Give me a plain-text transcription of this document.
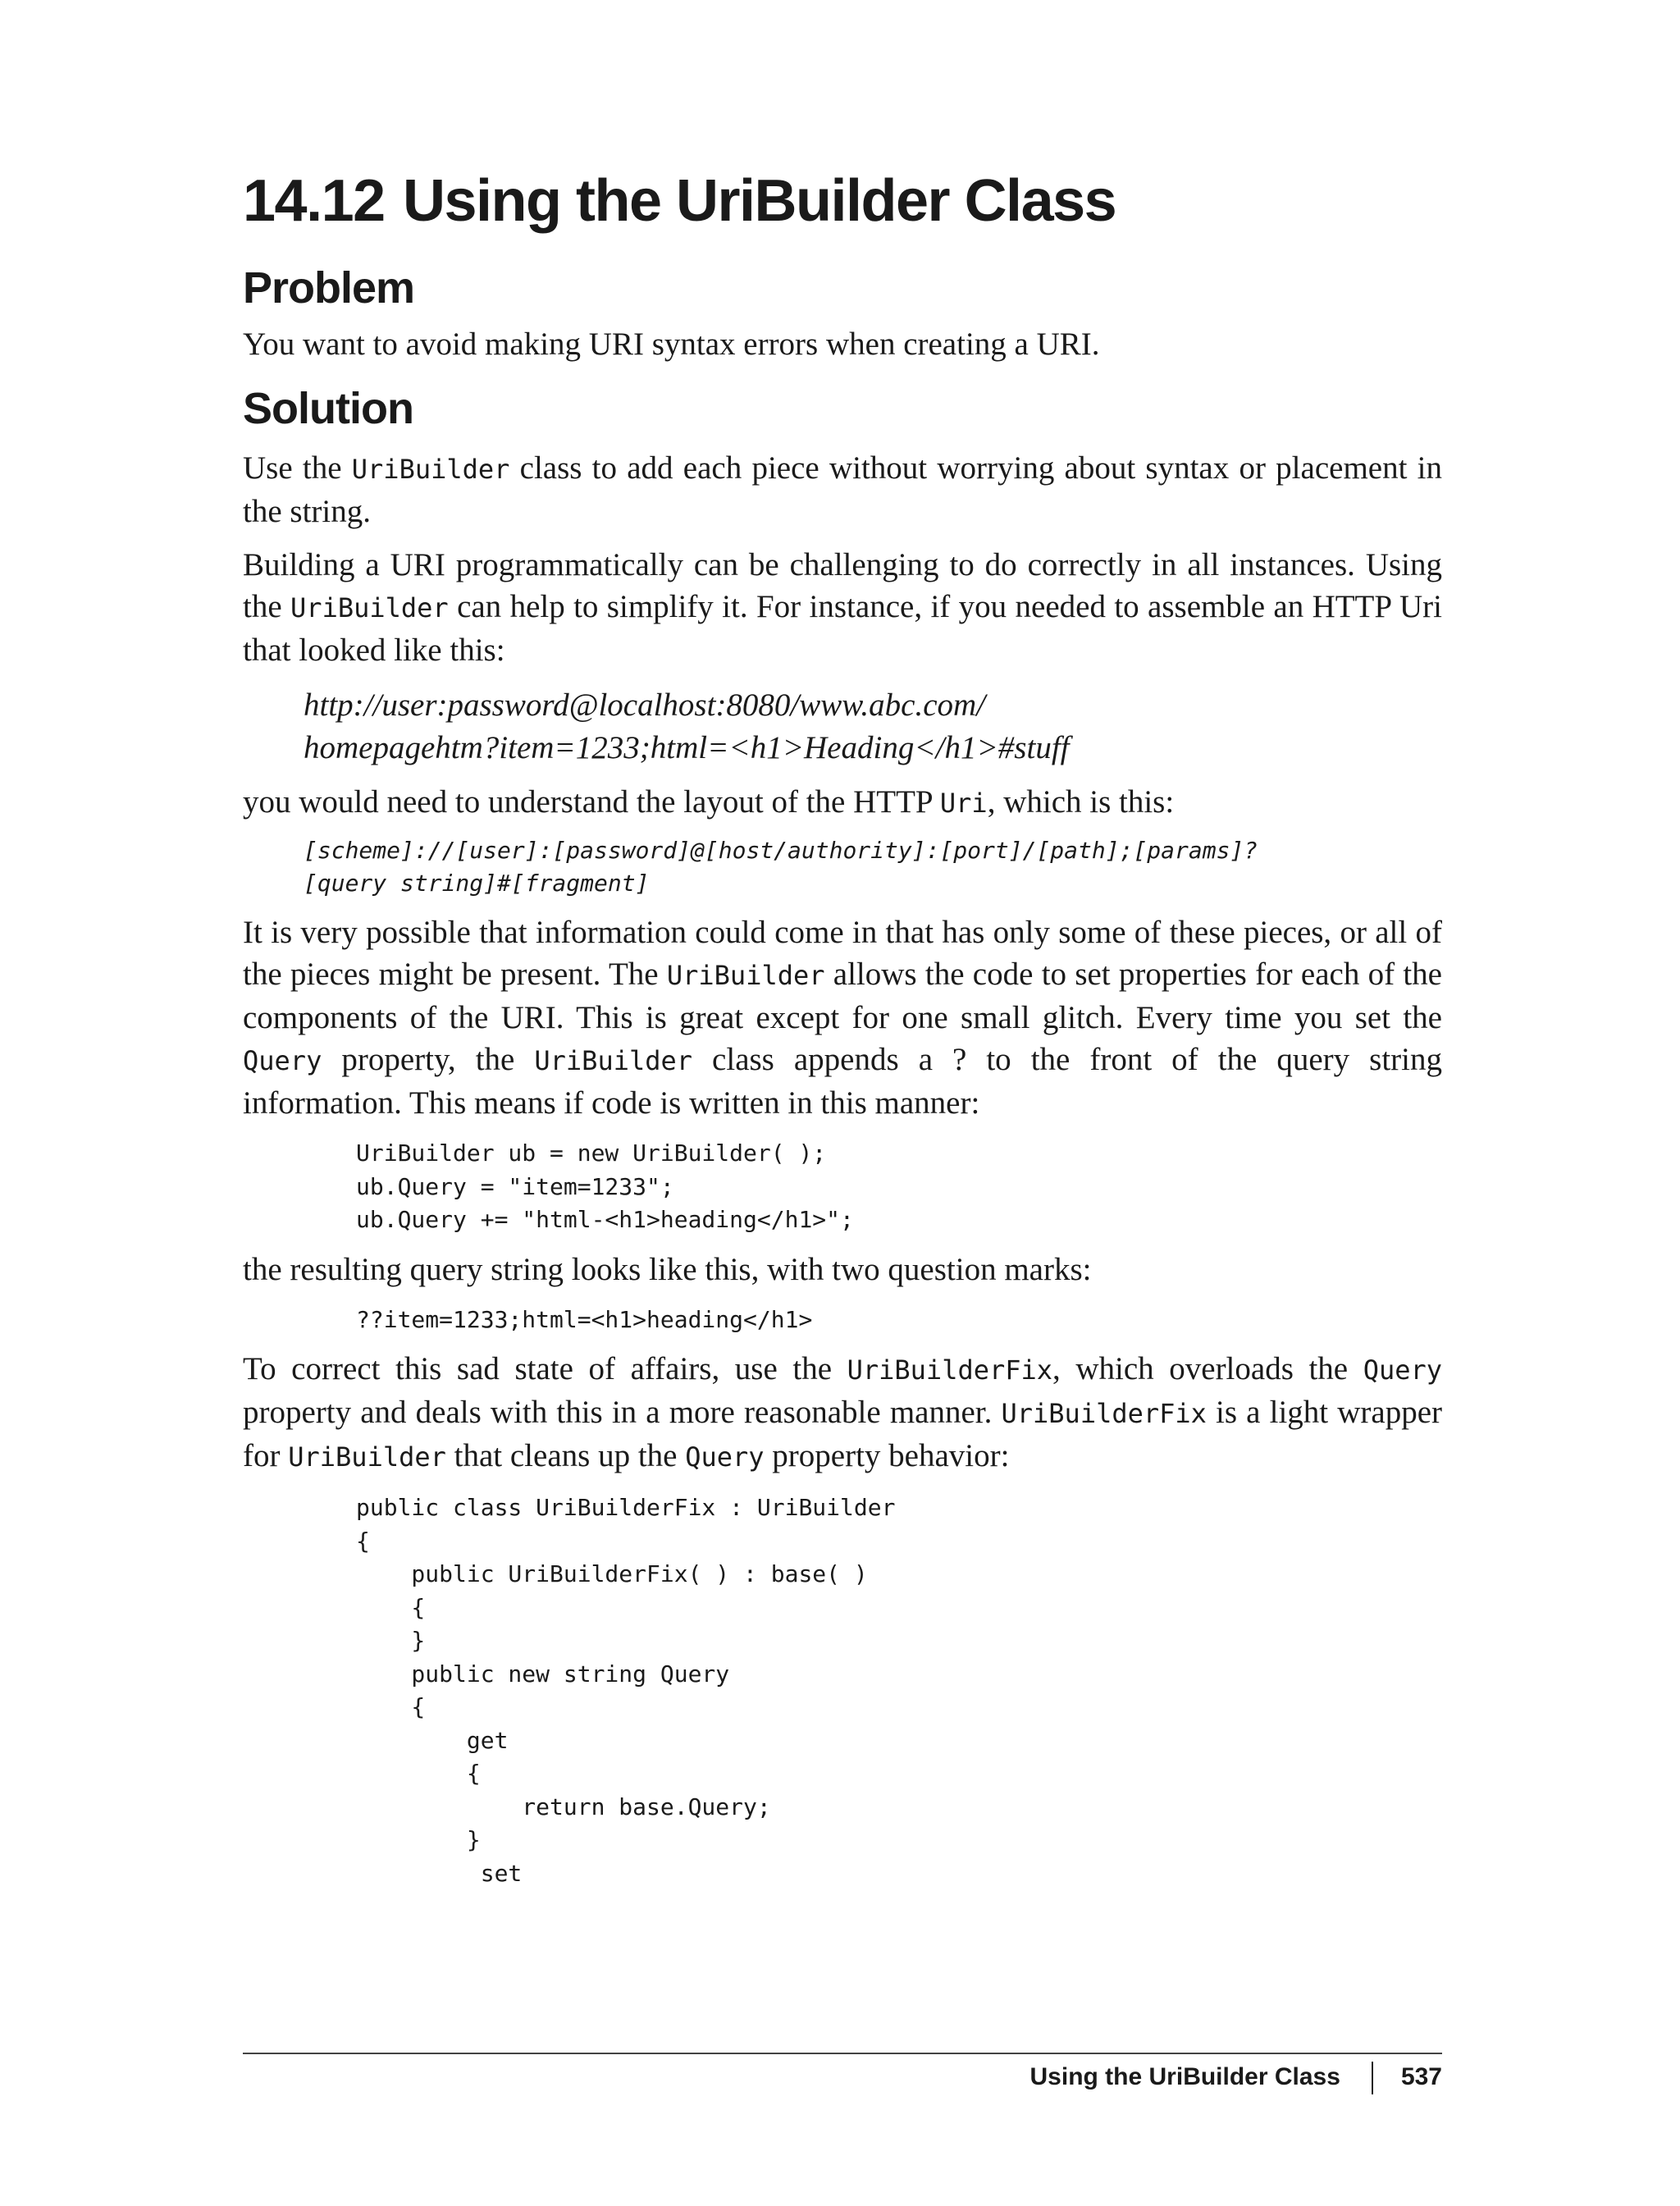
14.12 Using the UriBuilder Class
Problem

You want to avoid making URI syntax errors when creating a URI.

Solution

Use the UriBuilder class to add each piece without worrying about syntax or placement in the string.

Building a URI programmatically can be challenging to do correctly in all instances. Using the UriBuilder can help to simplify it. For instance, if you needed to assemble an HTTP Uri that looked like this:

http://user:password@localhost:8080/www.abc.com/
homepagehtm?item=1233;html=<h1>Heading</h1>#stuff

you would need to understand the layout of the HTTP Uri, which is this:

[scheme]://[user]:[password]@[host/authority]:[port]/[path];[params]?
[query string]#[fragment]

It is very possible that information could come in that has only some of these pieces, or all of the pieces might be present. The UriBuilder allows the code to set properties for each of the components of the URI. This is great except for one small glitch. Every time you set the Query property, the UriBuilder class appends a ? to the front of the query string information. This means if code is written in this manner:

UriBuilder ub = new UriBuilder( );
ub.Query = "item=1233";
ub.Query += "html-<h1>heading</h1>";

the resulting query string looks like this, with two question marks:

??item=1233;html=<h1>heading</h1>

To correct this sad state of affairs, use the UriBuilderFix, which overloads the Query property and deals with this in a more reasonable manner. UriBuilderFix is a light wrapper for UriBuilder that cleans up the Query property behavior:

public class UriBuilderFix : UriBuilder
{
public UriBuilderFix( ) : base( )
{
}
public new string Query
{
get
{
return base.Query;
}
set
Using the UriBuilder Class 537
